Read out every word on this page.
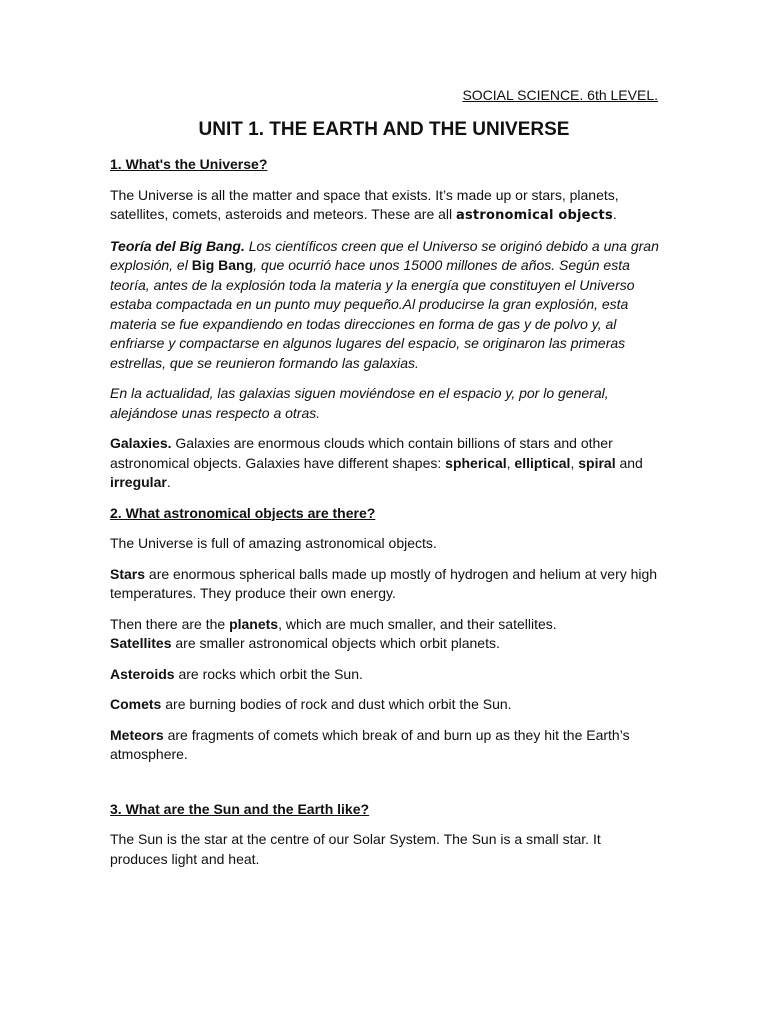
SOCIAL SCIENCE. 6th LEVEL.
UNIT 1. THE EARTH AND THE UNIVERSE

1. What's the Universe?

The Universe is all the matter and space that exists. It’s made up or stars, planets, satellites, comets, asteroids and meteors. These are all astronomical objects.

Teoría del Big Bang. Los científicos creen que el Universo se originó debido a una gran explosión, el Big Bang, que ocurrió hace unos 15000 millones de años. Según esta teoría, antes de la explosión toda la materia y la energía que constituyen el Universo estaba compactada en un punto muy pequeño.Al producirse la gran explosión, esta materia se fue expandiendo en todas direcciones en forma de gas y de polvo y, al enfriarse y compactarse en algunos lugares del espacio, se originaron las primeras estrellas, que se reunieron formando las galaxias.

En la actualidad, las galaxias siguen moviéndose en el espacio y, por lo general, alejándose unas respecto a otras.

Galaxies. Galaxies are enormous clouds which contain billions of stars and other astronomical objects. Galaxies have different shapes: spherical, elliptical, spiral and irregular.

2. What astronomical objects are there?

The Universe is full of amazing astronomical objects.

Stars are enormous spherical balls made up mostly of hydrogen and helium at very high temperatures. They produce their own energy.

Then there are the planets, which are much smaller, and their satellites.
Satellites are smaller astronomical objects which orbit planets.

Asteroids are rocks which orbit the Sun.

Comets are burning bodies of rock and dust which orbit the Sun.

Meteors are fragments of comets which break of and burn up as they hit the Earth’s atmosphere.

3. What are the Sun and the Earth like?

The Sun is the star at the centre of our Solar System. The Sun is a small star. It produces light and heat.
